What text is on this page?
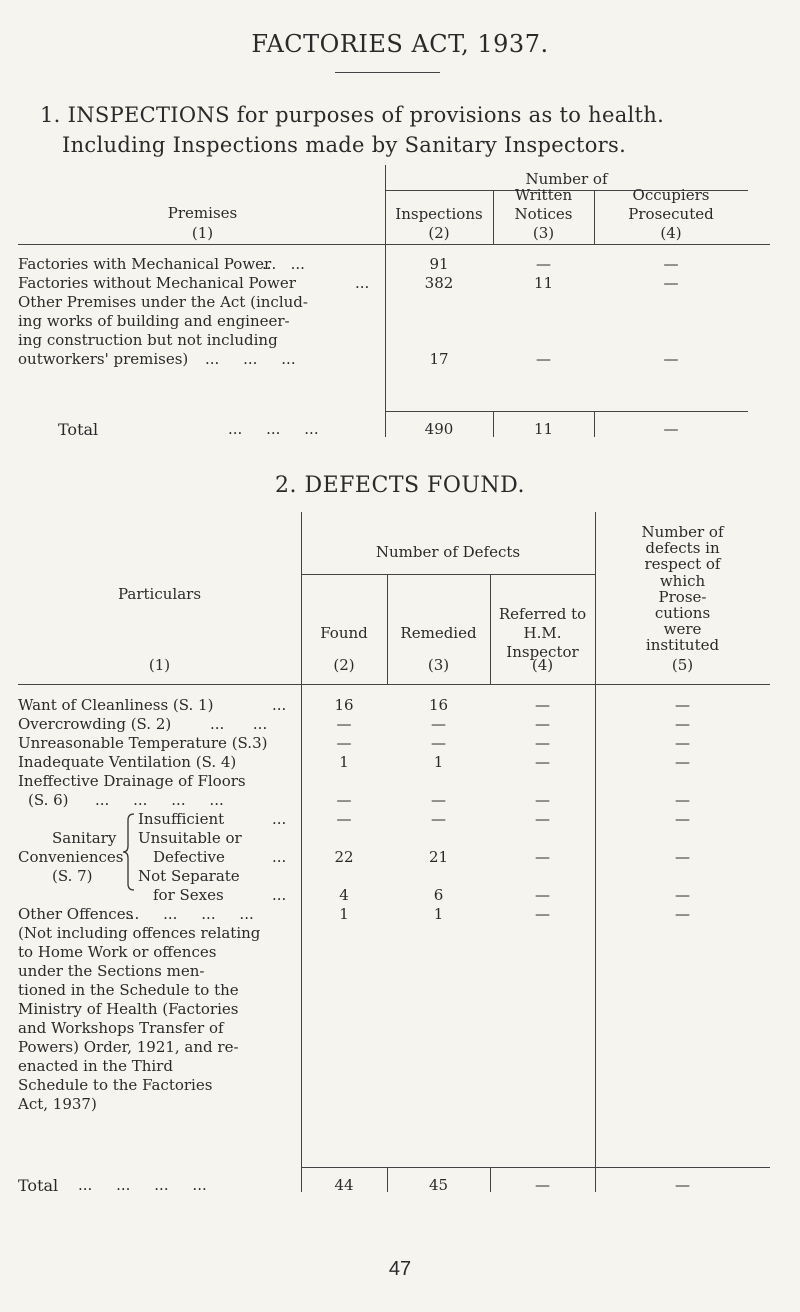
FACTORIES ACT, 1937.
1. INSPECTIONS for purposes of provisions as to health.
Including Inspections made by Sanitary Inspectors.
Number of
Premises
(1)
Inspections
(2)
Written
Notices
(3)
Occupiers
Prosecuted
(4)
Factories with Mechanical Power
...   ...	91	—	—
Factories without Mechanical Power	...	382	11	—
Other Premises under the Act (includ-
ing works of building and engineer-
ing construction but not including
outworkers' premises) ...     ...     ...	17	—	—
Total	...     ...     ...	490	11	—
2. DEFECTS FOUND.
Number of Defects
Particulars
(1)
Found
(2)
Remedied
(3)
Referred to
H.M.
Inspector
(4)
Number of
defects in
respect of
which
Prose-
cutions
were
instituted
(5)
Want of Cleanliness (S. 1)	...	16	16	—	—
Overcrowding (S. 2)	...      ...	—	—	—	—
Unreasonable Temperature (S.3)	—	—	—	—
Inadequate Ventilation (S. 4)	1	1	—	—
Ineffective Drainage of Floors
(S. 6) ...     ...     ...     ...	—	—	—	—
Sanitary
Conveniences
(S. 7)
Insufficient	...	—	—	—	—
Unsuitable or
Defective	...	22	21	—	—
Not Separate
for Sexes	...	4	6	—	—
Other Offences
...     ...     ...     ...	1	1	—	—
(Not including offences relating
to Home Work or offences
under the Sections men-
tioned in the Schedule to the
Ministry of Health (Factories
and Workshops Transfer of
Powers) Order, 1921, and re-
enacted in the Third
Schedule to the Factories
Act, 1937)
Total ...     ...     ...     ...	44	45	—	—
47
